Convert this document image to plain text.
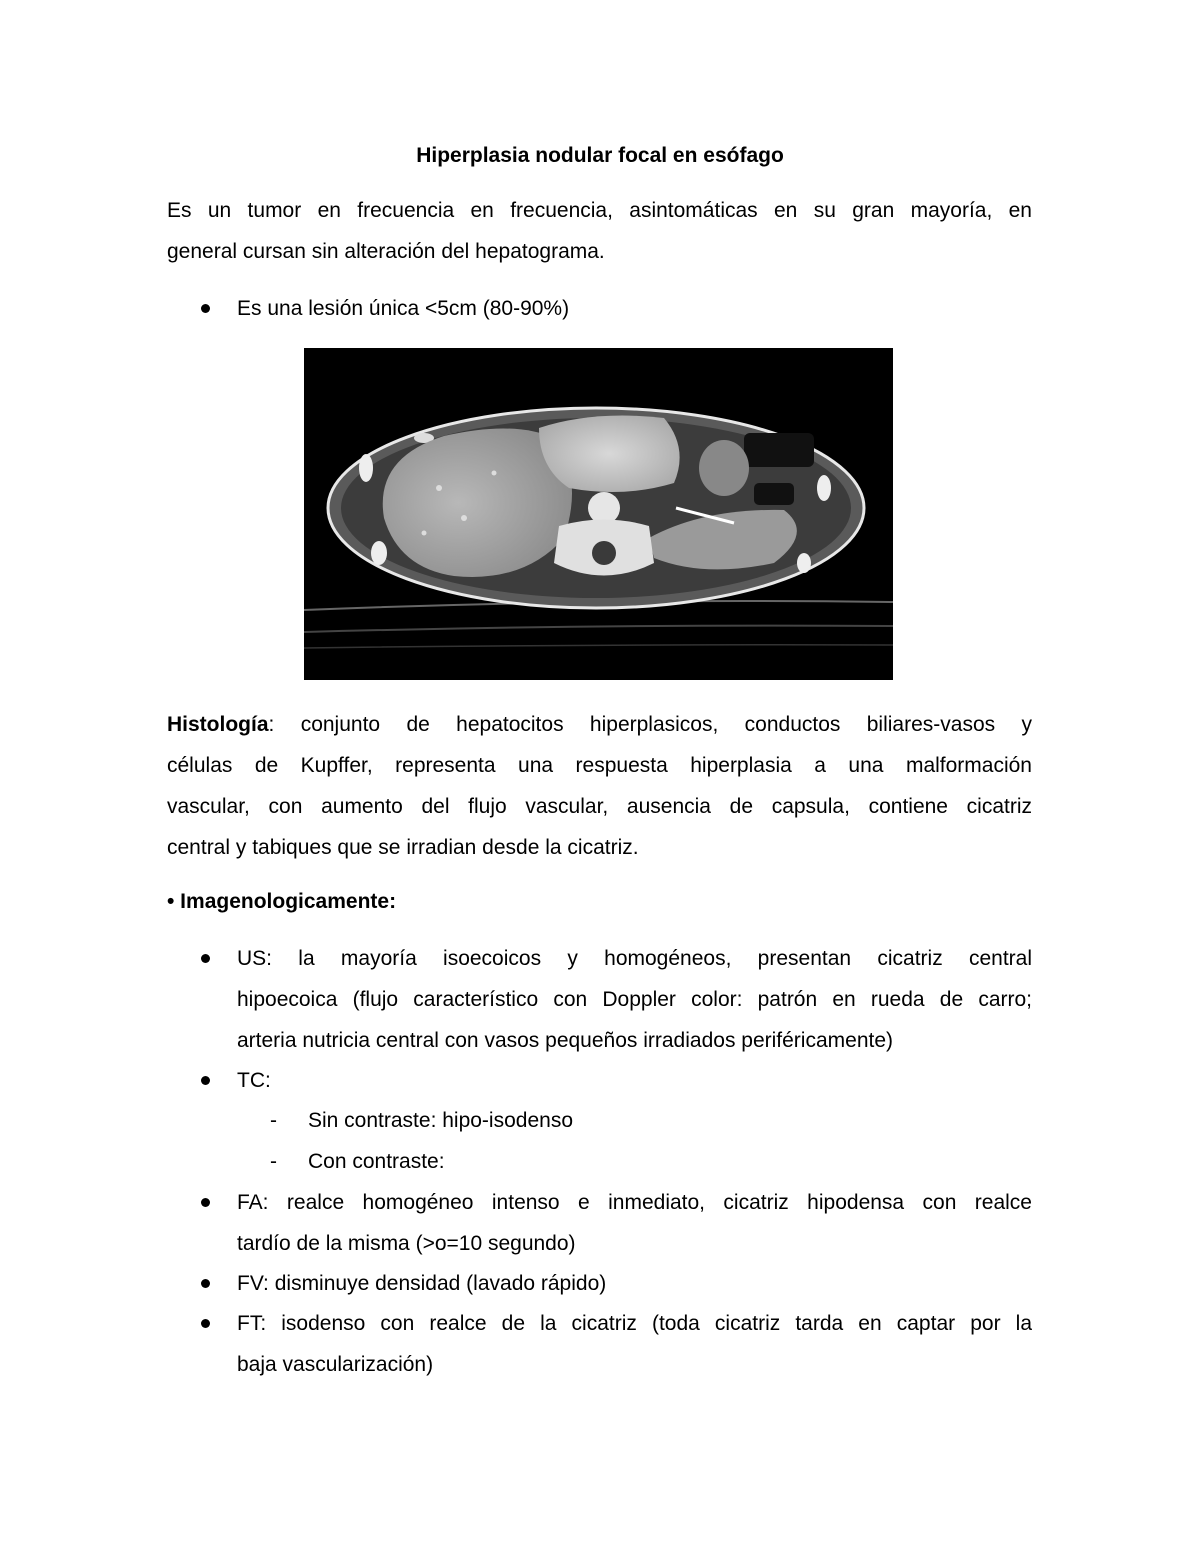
Hiperplasia nodular focal en esófago
Es un tumor en frecuencia en frecuencia, asintomáticas en su gran mayoría, en
general cursan sin alteración del hepatograma.
Es una lesión única <5cm (80-90%)
Histología: conjunto de hepatocitos hiperplasicos, conductos biliares-vasos y
células de Kupffer, representa una respuesta hiperplasia a una malformación
vascular, con aumento del flujo vascular, ausencia de capsula, contiene cicatriz
central y tabiques que se irradian desde la cicatriz.
• Imagenologicamente:
US: la mayoría isoecoicos y homogéneos, presentan cicatriz central
hipoecoica (flujo característico con Doppler color: patrón en rueda de carro;
arteria nutricia central con vasos pequeños irradiados periféricamente)
TC:
- Sin contraste: hipo-isodenso
- Con contraste:
FA: realce homogéneo intenso e inmediato, cicatriz hipodensa con realce
tardío de la misma (>o=10 segundo)
FV: disminuye densidad (lavado rápido)
FT: isodenso con realce de la cicatriz (toda cicatriz tarda en captar por la
baja vascularización)
